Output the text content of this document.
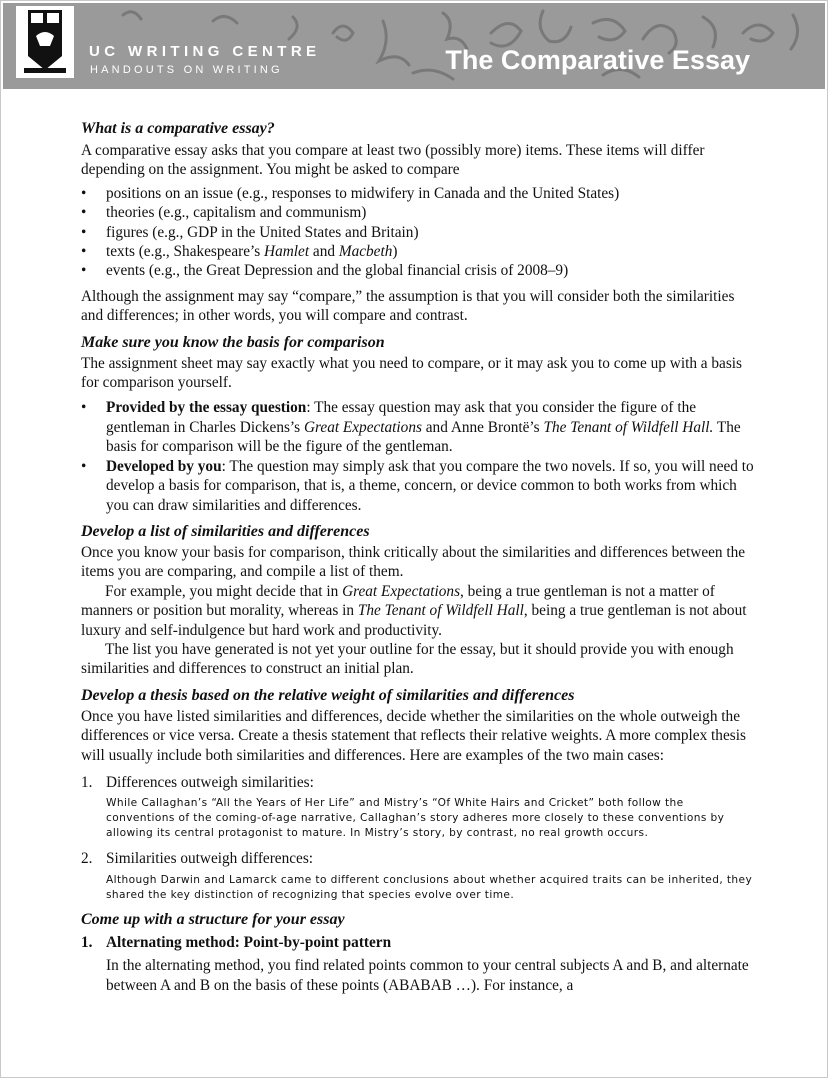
UC WRITING CENTRE
HANDOUTS ON WRITING	The Comparative Essay
What is a comparative essay?

A comparative essay asks that you compare at least two (possibly more) items. These items will differ depending on the assignment. You might be asked to compare

• positions on an issue (e.g., responses to midwifery in Canada and the United States)
• theories (e.g., capitalism and communism)
• figures (e.g., GDP in the United States and Britain)
• texts (e.g., Shakespeare’s Hamlet and Macbeth)
• events (e.g., the Great Depression and the global financial crisis of 2008–9)

Although the assignment may say “compare,” the assumption is that you will consider both the similarities and differences; in other words, you will compare and contrast.

Make sure you know the basis for comparison

The assignment sheet may say exactly what you need to compare, or it may ask you to come up with a basis for comparison yourself.

• Provided by the essay question: The essay question may ask that you consider the figure of the gentleman in Charles Dickens’s Great Expectations and Anne Brontë’s The Tenant of Wildfell Hall. The basis for comparison will be the figure of the gentleman.
• Developed by you: The question may simply ask that you compare the two novels. If so, you will need to develop a basis for comparison, that is, a theme, concern, or device common to both works from which you can draw similarities and differences.
Develop a list of similarities and differences

Once you know your basis for comparison, think critically about the similarities and differences between the items you are comparing, and compile a list of them.

For example, you might decide that in Great Expectations, being a true gentleman is not a matter of manners or position but morality, whereas in The Tenant of Wildfell Hall, being a true gentleman is not about luxury and self-indulgence but hard work and productivity.

The list you have generated is not yet your outline for the essay, but it should provide you with enough similarities and differences to construct an initial plan.

Develop a thesis based on the relative weight of similarities and differences

Once you have listed similarities and differences, decide whether the similarities on the whole outweigh the differences or vice versa. Create a thesis statement that reflects their relative weights. A more complex thesis will usually include both similarities and differences. Here are examples of the two main cases:

1. Differences outweigh similarities:

While Callaghan’s “All the Years of Her Life” and Mistry’s “Of White Hairs and Cricket” both follow the conventions of the coming-of-age narrative, Callaghan’s story adheres more closely to these conventions by allowing its central protagonist to mature. In Mistry’s story, by contrast, no real growth occurs.

2. Similarities outweigh differences:

Although Darwin and Lamarck came to different conclusions about whether acquired traits can be inherited, they shared the key distinction of recognizing that species evolve over time.

Come up with a structure for your essay
1. Alternating method: Point-by-point pattern

In the alternating method, you find related points common to your central subjects A and B, and alternate between A and B on the basis of these points (ABABAB …). For instance, a
